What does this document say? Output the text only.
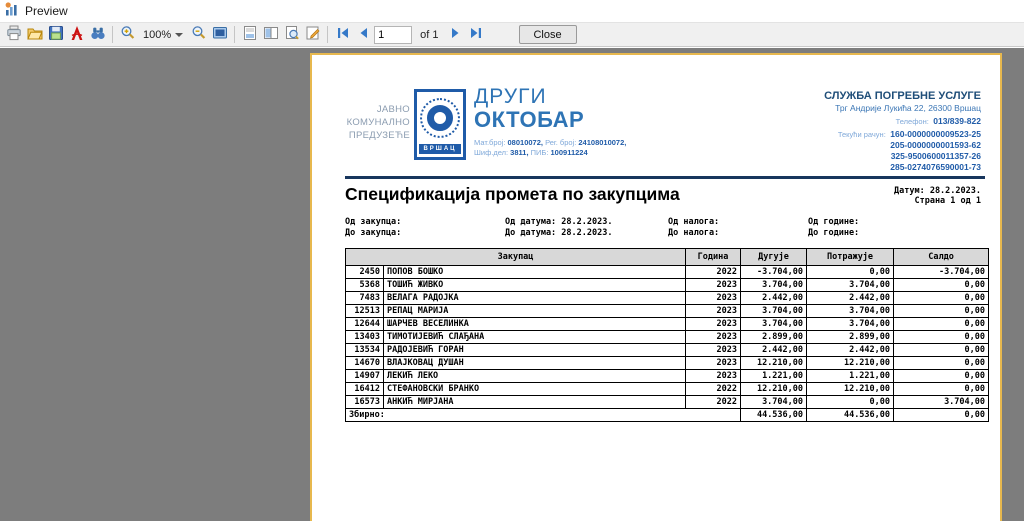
Preview
100%
1	of 1	Close
ЈАВНО
КОМУНАЛНО
ПРЕДУЗЕЋЕ
ВРШАЦ
ДРУГИ
ОКТОБАР
Мат.број: 08010072, Рег. број: 24108010072,
Шиф.дел: 3811, ПИБ: 100911224
СЛУЖБА ПОГРЕБНЕ УСЛУГЕ
Трг Андрије Лукића 22, 26300 Вршац
Телефон: 013/839-822
Текући рачун: 160-0000000009523-25
205-0000000001593-62
325-9500600011357-26
285-0274076590001-73
Спецификација промета по закупцима	Датум: 28.2.2023.
Страна 1 од 1
Од закупца:	Од датума: 28.2.2023.	Од налога:	Од године:
До закупца:	До датума: 28.2.2023.	До налога:	До године:
Закупац		Година	Дугује	Потражује	Салдо
2450	ПОПОВ БОШКО	2022	-3.704,00	0,00	-3.704,00
5368	ТОШИЋ ЖИВКО	2023	3.704,00	3.704,00	0,00
7483	ВЕЛАГА РАДОЈКА	2023	2.442,00	2.442,00	0,00
12513	РЕПАЦ МАРИЈА	2023	3.704,00	3.704,00	0,00
12644	ШАРЧЕВ ВЕСЕЛИНКА	2023	3.704,00	3.704,00	0,00
13403	ТИМОТИЈЕВИЋ СЛАЂАНА	2023	2.899,00	2.899,00	0,00
13534	РАДОЈЕВИЋ ГОРАН	2023	2.442,00	2.442,00	0,00
14670	ВЛАЈКОВАЦ ДУШАН	2023	12.210,00	12.210,00	0,00
14907	ЛЕКИЋ ЛЕКО	2023	1.221,00	1.221,00	0,00
16412	СТЕФАНОВСКИ БРАНКО	2022	12.210,00	12.210,00	0,00
16573	АНКИЋ МИРЈАНА	2022	3.704,00	0,00	3.704,00
Збирно:			44.536,00	44.536,00	0,00
